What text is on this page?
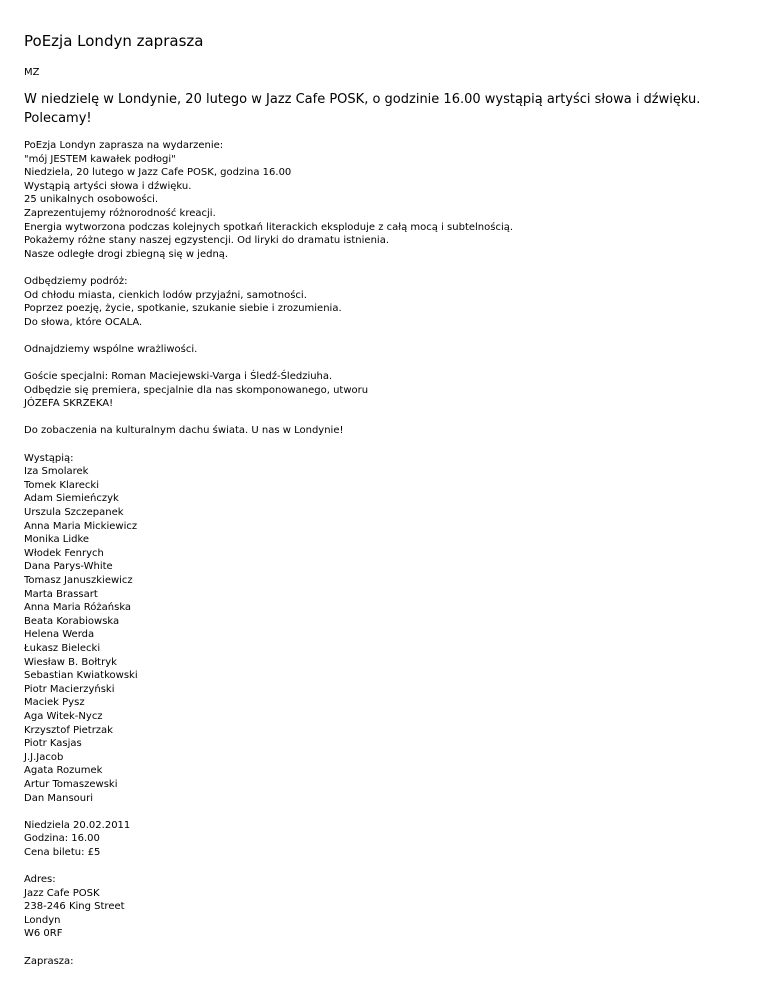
PoEzja Londyn zaprasza
MZ
W niedzielę w Londynie, 20 lutego w Jazz Cafe POSK, o godzinie 16.00 wystąpią artyści słowa i dźwięku. Polecamy!
PoEzja Londyn zaprasza na wydarzenie:
"mój JESTEM kawałek podłogi"
Niedziela, 20 lutego w Jazz Cafe POSK, godzina 16.00
Wystąpią artyści słowa i dźwięku.
25 unikalnych osobowości.
Zaprezentujemy różnorodność kreacji.
Energia wytworzona podczas kolejnych spotkań literackich eksploduje z całą mocą i subtelnością.
Pokażemy różne stany naszej egzystencji. Od liryki do dramatu istnienia.
Nasze odległe drogi zbiegną się w jedną.
Odbędziemy podróż:
Od chłodu miasta, cienkich lodów przyjaźni, samotności.
Poprzez poezję, życie, spotkanie, szukanie siebie i zrozumienia.
Do słowa, które OCALA.
Odnajdziemy wspólne wrażliwości.
Goście specjalni: Roman Maciejewski-Varga i Śledź-Śledziuha.
Odbędzie się premiera, specjalnie dla nas skomponowanego, utworu
JÓZEFA SKRZEKA!
Do zobaczenia na kulturalnym dachu świata. U nas w Londynie!
Wystąpią:
Iza Smolarek
Tomek Klarecki
Adam Siemieńczyk
Urszula Szczepanek
Anna Maria Mickiewicz
Monika Lidke
Włodek Fenrych
Dana Parys-White
Tomasz Januszkiewicz
Marta Brassart
Anna Maria Różańska
Beata Korabiowska
Helena Werda
Łukasz Bielecki
Wiesław B. Bołtryk
Sebastian Kwiatkowski
Piotr Macierzyński
Maciek Pysz
Aga Witek-Nycz
Krzysztof Pietrzak
Piotr Kasjas
J.J.Jacob
Agata Rozumek
Artur Tomaszewski
Dan Mansouri
Niedziela 20.02.2011
Godzina: 16.00
Cena biletu: £5
Adres:
Jazz Cafe POSK
238-246 King Street
Londyn
W6 0RF
Zaprasza:
